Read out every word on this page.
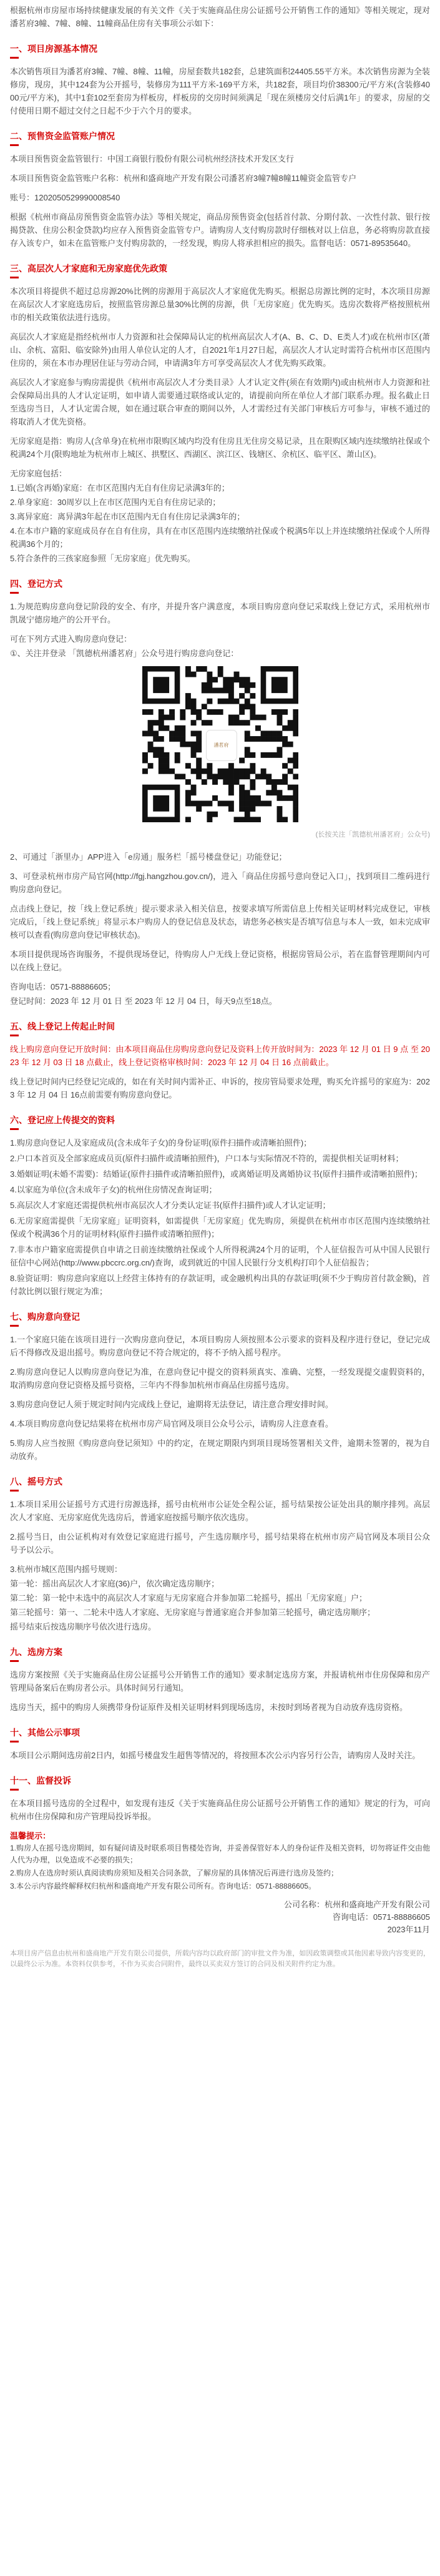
根据杭州市房屋市场持续健康发展的有关文件《关于实施商品住房公证摇号公开销售工作的通知》等相关规定，现对潘茗府3幢、7幢、8幢、11幢商品住房有关事项公示如下：

一、项目房源基本情况

本次销售项目为潘茗府3幢、7幢、8幢、11幢，房屋套数共182套，总建筑面积24405.55平方米。本次销售房源为全装修房，现房，其中124套为公开摇号，装修房为111平方米-169平方米，共182套，项目均价38300元/平方米(含装修4000元/平方米)，其中1套102至套房为样板房，样板房的交房时间须满足「现在须楼房交付后满1年」的要求，房屋的交付使用日期不超过交付之日起不少于六个月的要求。

二、预售资金监管账户情况

本项目预售资金监管银行：中国工商银行股份有限公司杭州经济技术开发区支行

本项目预售资金监管账户名称：杭州和盛商地产开发有限公司潘茗府3幢7幢8幢11幢资金监管专户

账号：1202050529990008540

根据《杭州市商品房预售资金监管办法》等相关规定，商品房预售资金(包括首付款、分期付款、一次性付款、银行按揭贷款、住房公积金贷款)均应存入预售资金监管专户。请购房人支付购房款时仔细核对以上信息，务必将购房款直接存入该专户，如未在监管账户支付购房款的，一经发现，购房人将承担相应的损失。监督电话：0571-89535640。

三、高层次人才家庭和无房家庭优先政策

本次项目将提供不超过总房源20%比例的房源用于高层次人才家庭优先购买。根据总房源比例的定时，本次项目房源在高层次人才家庭选房后，按照监管房源总量30%比例的房源，供「无房家庭」优先购买。选房次数将严格按照杭州市的相关政策依法进行选房。

高层次人才家庭是指经杭州市人力资源和社会保障局认定的杭州高层次人才(A、B、C、D、E类人才)或在杭州市区(萧山、余杭、富阳、临安除外)由用人单位认定的人才，自2021年1月27日起，高层次人才认定时需符合杭州市区范围内住房的，须在本市办理居住证与劳动合同，申请满3年方可享受高层次人才优先购买政策。

高层次人才家庭参与购房需提供《杭州市高层次人才分类目录》人才认定文件(须在有效期内)或由杭州市人力资源和社会保障局出具的人才认定证明，如申请人需要通过联络或认定的，请提前向所在单位人才部门联系办理。报名截止日至选房当日，人才认定需合规，如在通过联合审查的期间以外，人才需经过有关部门审核后方可参与，审核不通过的将取消人才优先资格。

无房家庭是指：购房人(含单身)在杭州市限购区域内均没有住房且无住房交易记录，且在限购区域内连续缴纳社保或个税满24个月(限购地址为杭州市上城区、拱墅区、西湖区、滨江区、钱塘区、余杭区、临平区、萧山区)。

无房家庭包括：

1.已婚(含再婚)家庭：在市区范围内无自有住房记录满3年的；

2.单身家庭：30周岁以上在市区范围内无自有住房记录的；

3.离异家庭：离异满3年起在市区范围内无自有住房记录满3年的；

4.在本市户籍的家庭成员存在自有住房，具有在市区范围内连续缴纳社保或个税满5年以上并连续缴纳社保或个人所得税满36个月的；

5.符合条件的三孩家庭参照「无房家庭」优先购买。

四、登记方式

1.为规范购房意向登记阶段的安全、有序，并提升客户满意度，本项目购房意向登记采取线上登记方式，采用杭州市凯晟宁德房地产的公开平台。

可在下列方式进入购房意向登记：

①、关注并登录 「凯德杭州潘茗府」公众号进行购房意向登记：

潘茗府
(长按关注「凯德杭州潘茗府」公众号)

2、可通过「浙里办」APP进入「e房通」服务栏「摇号楼盘登记」功能登记；

3、可登录杭州市房产局官网(http://fgj.hangzhou.gov.cn/)，进入「商品住房摇号意向登记入口」，找到项目二维码进行购房意向登记。

点击线上登记，按「线上登记系统」提示要求录入相关信息，按要求填写所需信息上传相关证明材料完成登记，审核完成后，「线上登记系统」将显示本户购房人的登记信息及状态，请您务必核实是否填写信息与本人一致，如未完成审核可以查看(购房意向登记审核状态)。

本项目提供现场咨询服务，不提供现场登记，待购房人户无线上登记资格，根据房管局公示，若在监督管理期间内可以在线上登记。

咨询电话：0571-88886605；

登记时间：2023 年 12 月 01 日 至 2023 年 12 月 04 日，每天9点至18点。

五、线上登记上传起止时间

线上购房意向登记开放时间：由本项目商品住房购房意向登记及资料上传开放时间为：2023 年 12 月 01 日 9 点 至 2023 年 12 月 03 日 18 点截止，线上登记资格审核时间：2023 年 12 月 04 日 16 点前截止。

线上登记时间内已经登记完成的，如在有关时间内需补正、申诉的，按房管局要求处理，购买允许摇号的家庭为：2023 年 12 月 04 日 16点前需要有购房意向登记。

六、登记应上传提交的资料

1.购房意向登记人及家庭成员(含未成年子女)的身份证明(原件扫描件或清晰拍照件)；

2.户口本首页及全部家庭成员页(原件扫描件或清晰拍照件)，户口本与实际情况不符的，需提供相关证明材料；

3.婚姻证明(未婚不需要)：结婚证(原件扫描件或清晰拍照件)，或离婚证明及离婚协议书(原件扫描件或清晰拍照件)；

4.以家庭为单位(含未成年子女)的杭州住房情况查询证明；

5.高层次人才家庭还需提供杭州市高层次人才分类认定证书(原件扫描件)或人才认定证明；

6.无房家庭需提供「无房家庭」证明资料，如需提供「无房家庭」优先购房，须提供在杭州市市区范围内连续缴纳社保或个税满36个月的证明材料(原件扫描件或清晰拍照件)；

7.非本市户籍家庭需提供自申请之日前连续缴纳社保或个人所得税满24个月的证明，个人征信报告可从中国人民银行征信中心网站(http://www.pbccrc.org.cn/)查询，或到就近的中国人民银行分支机构打印个人征信报告；

8.验资证明：购房意向家庭以上经营主体持有的存款证明，或金融机构出具的存款证明(须不少于购房首付款金额)，首付款比例以银行规定为准；

七、购房意向登记

1.一个家庭只能在该项目进行一次购房意向登记，本项目购房人须按照本公示要求的资料及程序进行登记，登记完成后不得修改及退出摇号。购房意向登记不符合规定的，将不予纳入摇号程序。

2.购房意向登记人以购房意向登记为准，在意向登记中提交的资料须真实、准确、完整，一经发现提交虚假资料的，取消购房意向登记资格及摇号资格，三年内不得参加杭州市商品住房摇号选房。

3.购房意向登记人须于规定时间内完成线上登记，逾期将无法登记，请注意合理安排时间。

4.本项目购房意向登记结果将在杭州市房产局官网及项目公众号公示，请购房人注意查看。

5.购房人应当按照《购房意向登记须知》中的约定，在规定期限内到项目现场签署相关文件，逾期未签署的，视为自动放弃。

八、摇号方式

1.本项目采用公证摇号方式进行房源选择，摇号由杭州市公证处全程公证，摇号结果按公证处出具的顺序排列。高层次人才家庭、无房家庭优先选房后，普通家庭按摇号顺序依次选房。

2.摇号当日，由公证机构对有效登记家庭进行摇号，产生选房顺序号，摇号结果将在杭州市房产局官网及本项目公众号予以公示。

3.杭州市城区范围内摇号规则：

第一轮：摇出高层次人才家庭(36)户，依次确定选房顺序；

第二轮：第一轮中未选中的高层次人才家庭与无房家庭合并参加第二轮摇号，摇出「无房家庭」户；

第三轮摇号：第一、二轮未中选人才家庭、无房家庭与普通家庭合并参加第三轮摇号，确定选房顺序；

摇号结束后按选房顺序号依次进行选房。

九、选房方案

选房方案按照《关于实施商品住房公证摇号公开销售工作的通知》要求制定选房方案，并报请杭州市住房保障和房产管理局备案后在购房者公示。具体时间另行通知。

选房当天，摇中的购房人须携带身份证原件及相关证明材料到现场选房，未按时到场者视为自动放弃选房资格。

十、其他公示事项

本项目公示期间选房前2日内，如摇号楼盘发生超售等情况的，将按照本次公示内容另行公告，请购房人及时关注。

十一、监督投诉

在本项目摇号选房的全过程中，如发现有违反《关于实施商品住房公证摇号公开销售工作的通知》规定的行为，可向杭州市住房保障和房产管理局投诉举报。

温馨提示：

1.购房人在摇号选房期间，如有疑问请及时联系项目售楼处咨询，并妥善保管好本人的身份证件及相关资料，切勿将证件交由他人代为办理，以免造成不必要的损失；

2.购房人在选房时须认真阅读购房须知及相关合同条款，了解房屋的具体情况后再进行选房及签约；

3.本公示内容最终解释权归杭州和盛商地产开发有限公司所有。咨询电话：0571-88886605。

公司名称：杭州和盛商地产开发有限公司
咨询电话：0571-88886605
2023年11月

本项目房产信息由杭州和盛商地产开发有限公司提供，所载内容均以政府部门的审批文件为准，如因政策调整或其他因素导致内容变更的，以最终公示为准。本资料仅供参考，不作为买卖合同附件，最终以买卖双方签订的合同及相关附件约定为准。
